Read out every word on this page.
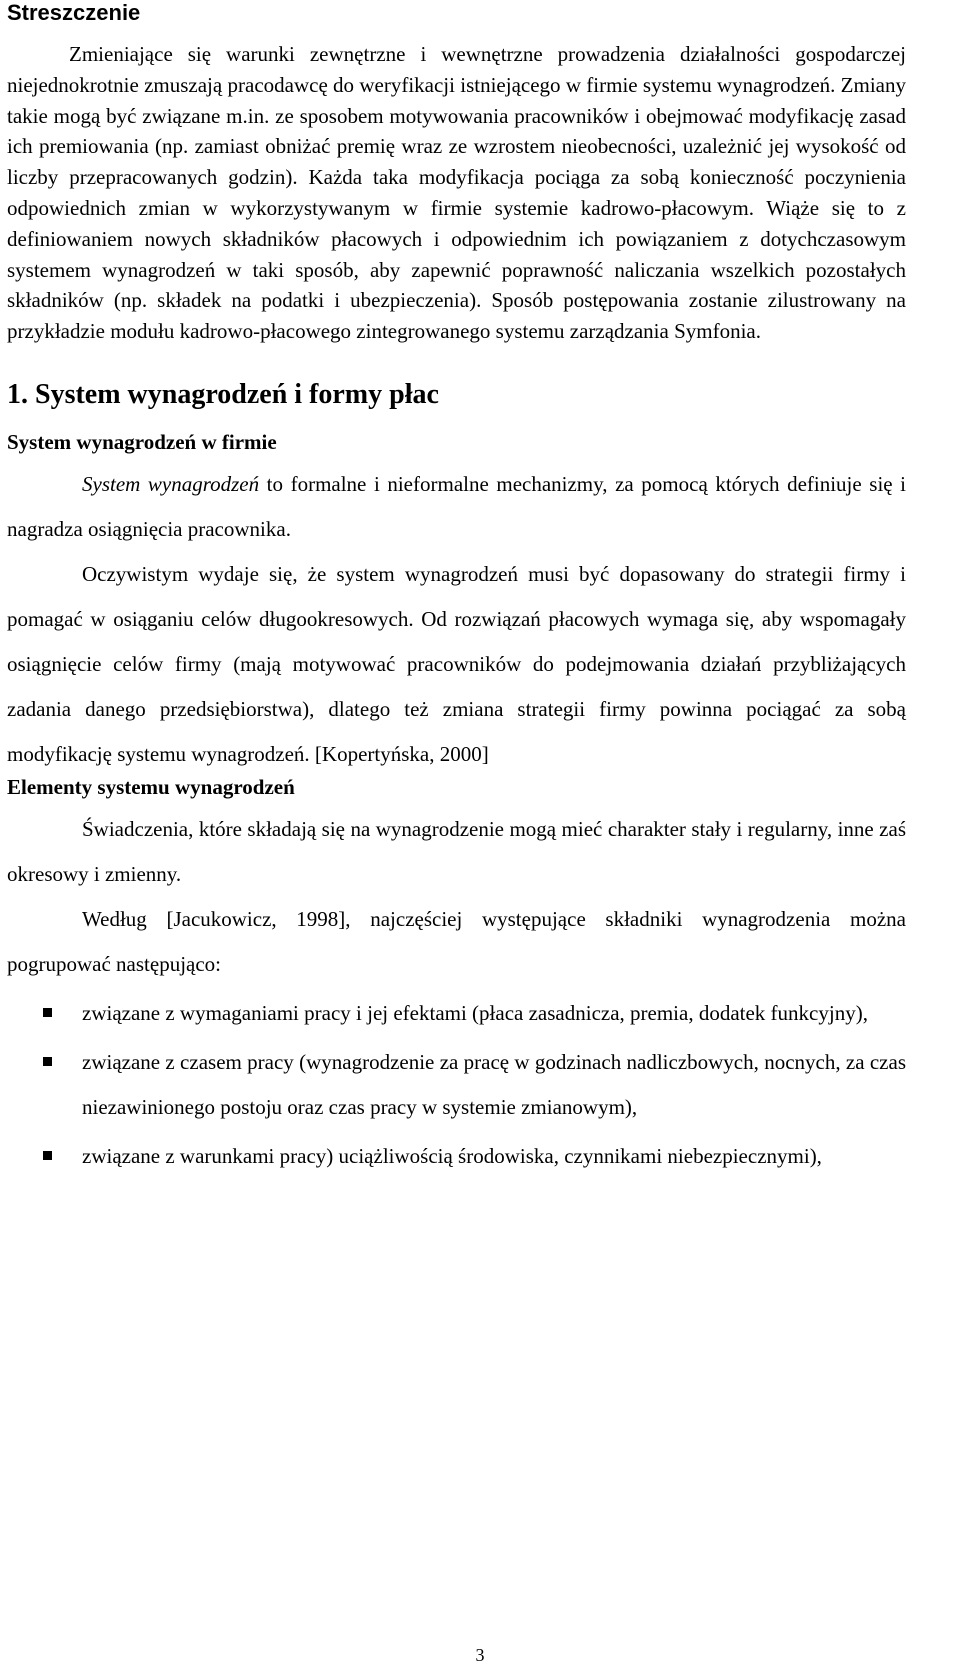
Streszczenie

Zmieniające się warunki zewnętrzne i wewnętrzne prowadzenia działalności gospodarczej niejednokrotnie zmuszają pracodawcę do weryfikacji istniejącego w firmie systemu wynagrodzeń. Zmiany takie mogą być związane m.in. ze sposobem motywowania pracowników i obejmować modyfikację zasad ich premiowania (np. zamiast obniżać premię wraz ze wzrostem nieobecności, uzależnić jej wysokość od liczby przepracowanych godzin). Każda taka modyfikacja pociąga za sobą konieczność poczynienia odpowiednich zmian w wykorzystywanym w firmie systemie kadrowo-płacowym. Wiąże się to z definiowaniem nowych składników płacowych i odpowiednim ich powiązaniem z dotychczasowym systemem wynagrodzeń w taki sposób, aby zapewnić poprawność naliczania wszelkich pozostałych składników (np. składek na podatki i ubezpieczenia). Sposób postępowania zostanie zilustrowany na przykładzie modułu kadrowo-płacowego zintegrowanego systemu zarządzania Symfonia.

1. System wynagrodzeń i formy płac
System wynagrodzeń w firmie

System wynagrodzeń to formalne i nieformalne mechanizmy, za pomocą których definiuje się i nagradza osiągnięcia pracownika.

Oczywistym wydaje się, że system wynagrodzeń musi być dopasowany do strategii firmy i pomagać w osiąganiu celów długookresowych. Od rozwiązań płacowych wymaga się, aby wspomagały osiągnięcie celów firmy (mają motywować pracowników do podejmowania działań przybliżających zadania danego przedsiębiorstwa), dlatego też zmiana strategii firmy powinna pociągać za sobą modyfikację systemu wynagrodzeń. [Kopertyńska, 2000]

Elementy systemu wynagrodzeń

Świadczenia, które składają się na wynagrodzenie mogą mieć charakter stały i regularny, inne zaś okresowy i zmienny.

Według [Jacukowicz, 1998], najczęściej występujące składniki wynagrodzenia można pogrupować następująco:

związane z wymaganiami pracy i jej efektami (płaca zasadnicza, premia, dodatek funkcyjny),
związane z czasem pracy (wynagrodzenie za pracę w godzinach nadliczbowych, nocnych, za czas niezawinionego postoju oraz czas pracy w systemie zmianowym),
związane z warunkami pracy) uciążliwością środowiska, czynnikami niebezpiecznymi),
3
